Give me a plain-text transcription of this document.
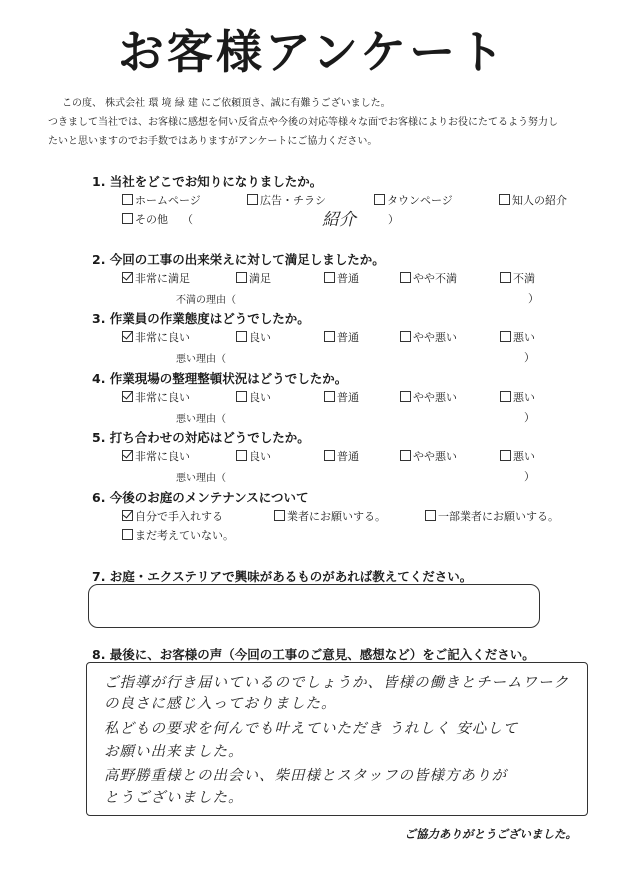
お客様アンケート
この度、 株式会社 環 境 緑 建 にご依頼頂き、誠に有難うございました。
つきまして当社では、お客様に感想を伺い反省点や今後の対応等様々な面でお客様によりお役にたてるよう努力し
たいと思いますのでお手数ではありますがアンケートにご協力ください。
1. 当社をどこでお知りになりましたか。
ホームページ	広告・チラシ	タウンページ	知人の紹介
その他 （	紹介	）
2. 今回の工事の出来栄えに対して満足しましたか。
非常に満足	満足	普通	やや不満	不満
不満の理由（	）
3. 作業員の作業態度はどうでしたか。
非常に良い	良い	普通	やや悪い	悪い
悪い理由（	）
4. 作業現場の整理整頓状況はどうでしたか。
非常に良い	良い	普通	やや悪い	悪い
悪い理由（	）
5. 打ち合わせの対応はどうでしたか。
非常に良い	良い	普通	やや悪い	悪い
悪い理由（	）
6. 今後のお庭のメンテナンスについて
自分で手入れする	業者にお願いする。	一部業者にお願いする。
まだ考えていない。
7. お庭・エクステリアで興味があるものがあれば教えてください。
8. 最後に、お客様の声（今回の工事のご意見、感想など）をご記入ください。
ご指導が行き届いているのでしょうか、皆様の働きとチームワーク
の良さに感じ入っておりました。
私どもの要求を何んでも叶えていただき うれしく 安心して
お願い出来ました。
高野勝重様との出会い、柴田様とスタッフの皆様方ありが
とうございました。
ご協力ありがとうございました。
